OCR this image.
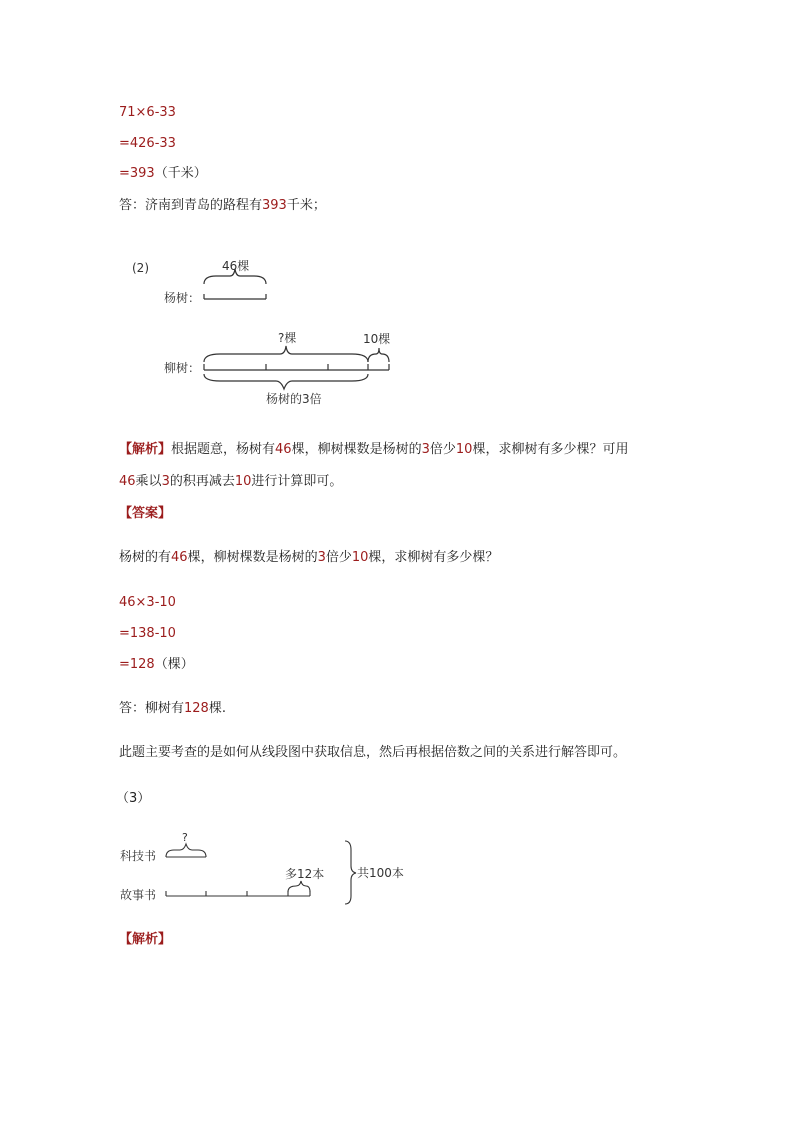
71×6-33
=426-33
=393（千米）
答：济南到青岛的路程有393千米；
(2)	46棵
杨树：
?棵	10棵
柳树：
杨树的3倍
【解析】根据题意，杨树有46棵，柳树棵数是杨树的3倍少10棵，求柳树有多少棵？可用
46乘以3的积再减去10进行计算即可。
【答案】
杨树的有46棵，柳树棵数是杨树的3倍少10棵，求柳树有多少棵？
46×3-10
=138-10
=128（棵）
答：柳树有128棵.
此题主要考查的是如何从线段图中获取信息，然后再根据倍数之间的关系进行解答即可。
（3）
?
科技书
多12本
故事书
共100本
【解析】
